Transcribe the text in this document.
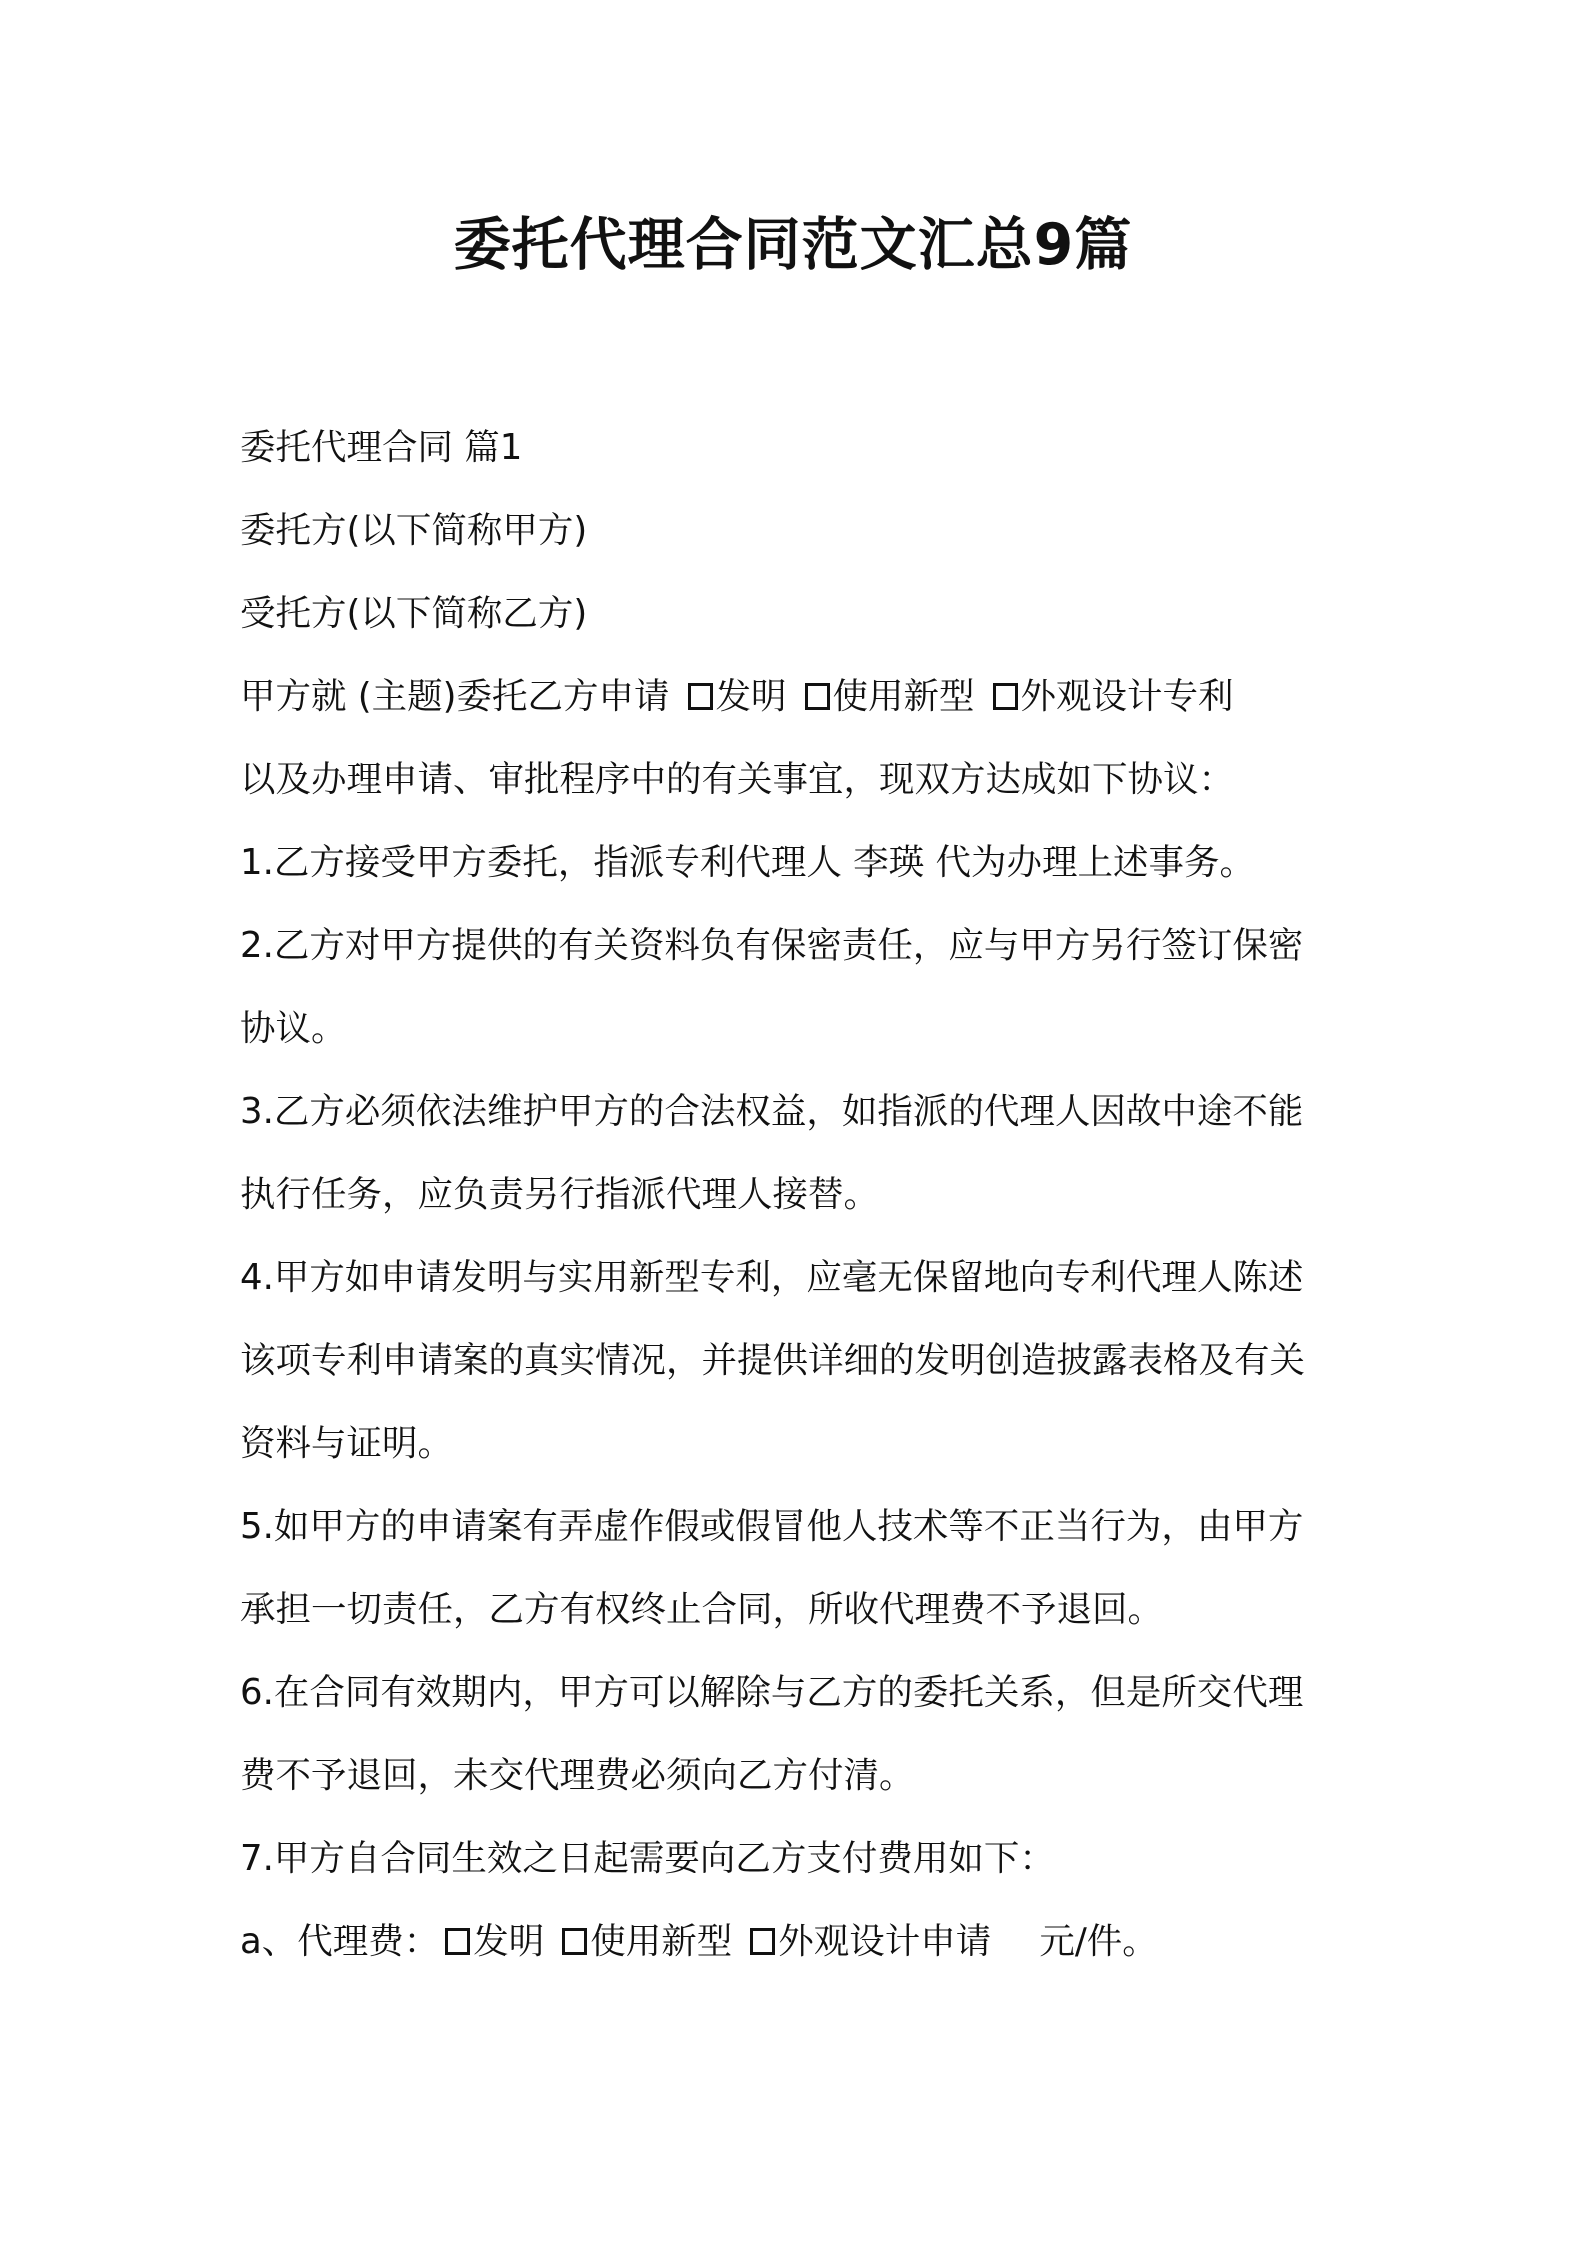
委托代理合同范文汇总9篇

委托代理合同 篇1

委托方(以下简称甲方)

受托方(以下简称乙方)

甲方就 (主题)委托乙方申请 发明 使用新型 外观设计专利

以及办理申请、审批程序中的有关事宜，现双方达成如下协议：

1.乙方接受甲方委托，指派专利代理人 李瑛 代为办理上述事务。

2.乙方对甲方提供的有关资料负有保密责任，应与甲方另行签订保密

协议。

3.乙方必须依法维护甲方的合法权益，如指派的代理人因故中途不能

执行任务，应负责另行指派代理人接替。

4.甲方如申请发明与实用新型专利，应毫无保留地向专利代理人陈述

该项专利申请案的真实情况，并提供详细的发明创造披露表格及有关

资料与证明。

5.如甲方的申请案有弄虚作假或假冒他人技术等不正当行为，由甲方

承担一切责任，乙方有权终止合同，所收代理费不予退回。

6.在合同有效期内，甲方可以解除与乙方的委托关系，但是所交代理

费不予退回，未交代理费必须向乙方付清。

7.甲方自合同生效之日起需要向乙方支付费用如下：

a、代理费： 发明 使用新型 外观设计申请 元/件。
